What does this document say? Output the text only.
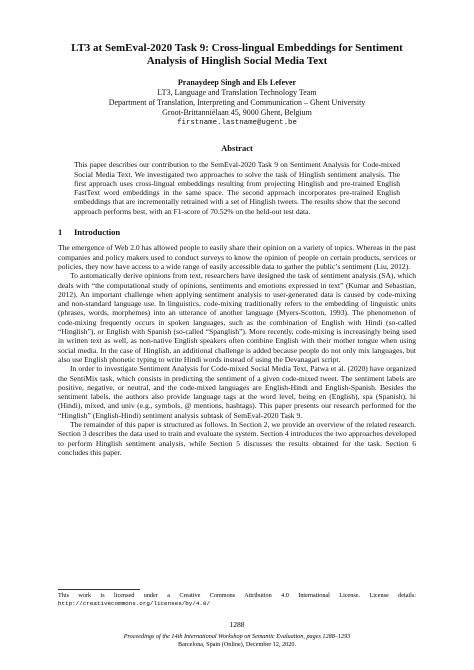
LT3 at SemEval-2020 Task 9: Cross-lingual Embeddings for Sentiment Analysis of Hinglish Social Media Text
Pranaydeep Singh and Els Lefever
LT3, Language and Translation Technology Team
Department of Translation, Interpreting and Communication – Ghent University
Groot-Brittanniëlaan 45, 9000 Ghent, Belgium
firstname.lastname@ugent.be
Abstract
This paper describes our contribution to the SemEval-2020 Task 9 on Sentiment Analysis for Code-mixed Social Media Text. We investigated two approaches to solve the task of Hinglish sentiment analysis. The first approach uses cross-lingual embeddings resulting from projecting Hinglish and pre-trained English FastText word embeddings in the same space. The second approach incorporates pre-trained English embeddings that are incrementally retrained with a set of Hinglish tweets. The results show that the second approach performs best, with an F1-score of 70.52% on the held-out test data.
1 Introduction

The emergence of Web 2.0 has allowed people to easily share their opinion on a variety of topics. Whereas in the past companies and policy makers used to conduct surveys to know the opinion of people on certain products, services or policies, they now have access to a wide range of easily accessible data to gather the public’s sentiment (Liu, 2012).

To automatically derive opinions from text, researchers have designed the task of sentiment analysis (SA), which deals with “the computational study of opinions, sentiments and emotions expressed in text” (Kumar and Sebastian, 2012). An important challenge when applying sentiment analysis to user-generated data is caused by code-mixing and non-standard language use. In linguistics, code-mixing traditionally refers to the embedding of linguistic units (phrases, words, morphemes) into an utterance of another language (Myers-Scotton, 1993). The phenomenon of code-mixing frequently occurs in spoken languages, such as the combination of English with Hindi (so-called “Hinglish”), or English with Spanish (so-called “Spanglish”). More recently, code-mixing is increasingly being used in written text as well, as non-native English speakers often combine English with their mother tongue when using social media. In the case of Hinglish, an additional challenge is added because people do not only mix languages, but also use English phonetic typing to write Hindi words instead of using the Devanagari script.

In order to investigate Sentiment Analysis for Code-mixed Social Media Text, Patwa et al. (2020) have organized the SentiMix task, which consists in predicting the sentiment of a given code-mixed tweet. The sentiment labels are positive, negative, or neutral, and the code-mixed languages are English-Hindi and English-Spanish. Besides the sentiment labels, the authors also provide language tags at the word level, being en (English), spa (Spanish), hi (Hindi), mixed, and univ (e.g., symbols, @ mentions, hashtags). This paper presents our research performed for the “Hinglish” (English-Hindi) sentiment analysis subtask of SemEval-2020 Task 9.

The remainder of this paper is structured as follows. In Section 2, we provide an overview of the related research. Section 3 describes the data used to train and evaluate the system. Section 4 introduces the two approaches developed to perform Hinglish sentiment analysis, while Section 5 discusses the results obtained for the task. Section 6 concludes this paper.

This work is licensed under a Creative Commons Attribution 4.0 International License. License details: http://creativecommons.org/licenses/by/4.0/
1288
Proceedings of the 14th International Workshop on Semantic Evaluation, pages 1288–1293
Barcelona, Spain (Online), December 12, 2020.
